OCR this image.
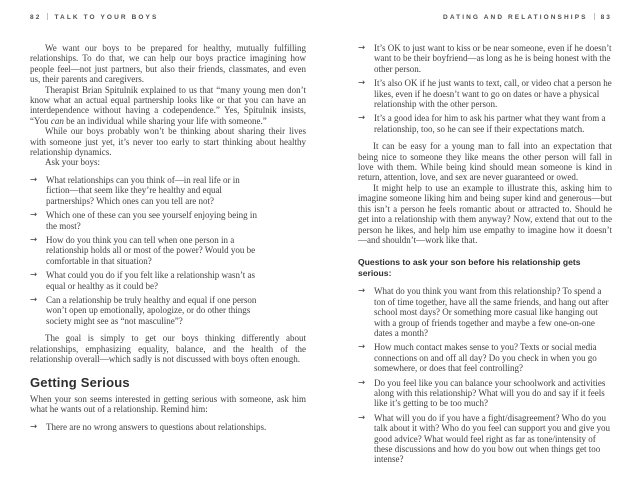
82 TALK TO YOUR BOYS

We want our boys to be prepared for healthy, mutually fulfilling relationships. To do that, we can help our boys practice imagining how people feel—not just partners, but also their friends, classmates, and even us, their parents and caregivers.

Therapist Brian Spitulnik explained to us that “many young men don’t know what an actual equal partnership looks like or that you can have an interdependence without having a codependence.” Yes, Spitulnik insists, “You can be an individual while sharing your life with someone.”

While our boys probably won’t be thinking about sharing their lives with someone just yet, it’s never too early to start thinking about healthy relationship dynamics.

Ask your boys:

→ What relationships can you think of—in real life or in fiction—that seem like they’re healthy and equal partnerships? Which ones can you tell are not?
→ Which one of these can you see yourself enjoying being in the most?
→ How do you think you can tell when one person in a relationship holds all or most of the power? Would you be comfortable in that situation?
→ What could you do if you felt like a relationship wasn’t as equal or healthy as it could be?
→ Can a relationship be truly healthy and equal if one person won’t open up emotionally, apologize, or do other things society might see as “not masculine”?

The goal is simply to get our boys thinking differently about relationships, emphasizing equality, balance, and the health of the relationship overall—which sadly is not discussed with boys often enough.

Getting Serious

When your son seems interested in getting serious with someone, ask him what he wants out of a relationship. Remind him:

→ There are no wrong answers to questions about relationships.
DATING AND RELATIONSHIPS 83
→ It’s OK to just want to kiss or be near someone, even if he doesn’t want to be their boyfriend—as long as he is being honest with the other person.
→ It’s also OK if he just wants to text, call, or video chat a person he likes, even if he doesn’t want to go on dates or have a physical relationship with the other person.
→ It’s a good idea for him to ask his partner what they want from a relationship, too, so he can see if their expectations match.

It can be easy for a young man to fall into an expectation that being nice to someone they like means the other person will fall in love with them. While being kind should mean someone is kind in return, attention, love, and sex are never guaranteed or owed.

It might help to use an example to illustrate this, asking him to imagine someone liking him and being super kind and generous—but this isn’t a person he feels romantic about or attracted to. Should he get into a relationship with them anyway? Now, extend that out to the person he likes, and help him use empathy to imagine how it doesn’t—and shouldn’t—work like that.

Questions to ask your son before his relationship gets serious:

→ What do you think you want from this relationship? To spend a ton of time together, have all the same friends, and hang out after school most days? Or something more casual like hanging out with a group of friends together and maybe a few one-on-one dates a month?
→ How much contact makes sense to you? Texts or social media connections on and off all day? Do you check in when you go somewhere, or does that feel controlling?
→ Do you feel like you can balance your schoolwork and activities along with this relationship? What will you do and say if it feels like it’s getting to be too much?
→ What will you do if you have a fight/disagreement? Who do you talk about it with? Who do you feel can support you and give you good advice? What would feel right as far as tone/intensity of these discussions and how do you bow out when things get too intense?
